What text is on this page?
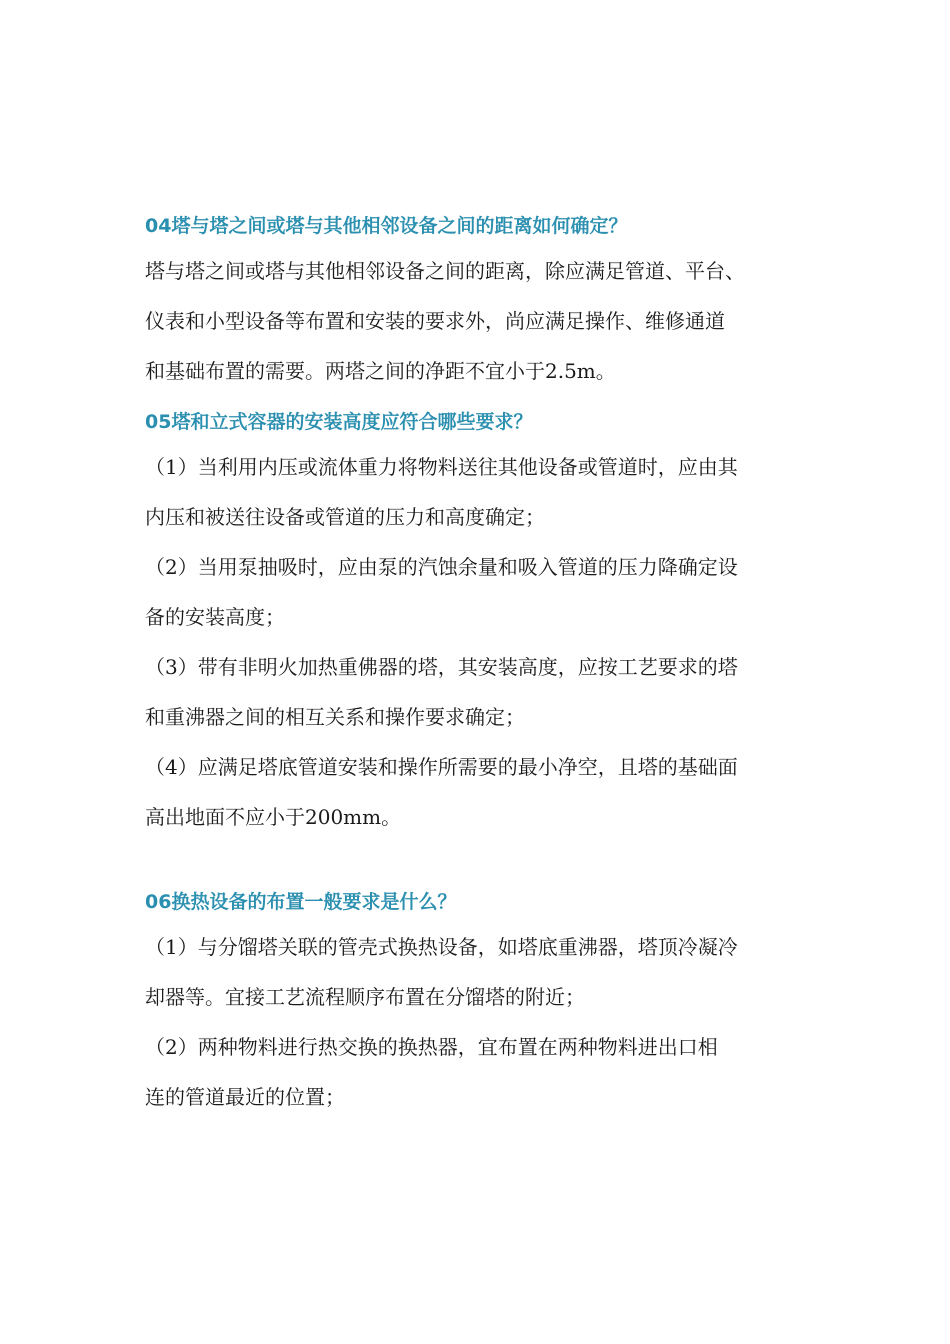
04塔与塔之间或塔与其他相邻设备之间的距离如何确定？
塔与塔之间或塔与其他相邻设备之间的距离，除应满足管道、平台、
仪表和小型设备等布置和安装的要求外，尚应满足操作、维修通道
和基础布置的需要。两塔之间的净距不宜小于2.5m。
05塔和立式容器的安装高度应符合哪些要求？
（1）当利用内压或流体重力将物料送往其他设备或管道时，应由其
内压和被送往设备或管道的压力和高度确定；
（2）当用泵抽吸时，应由泵的汽蚀余量和吸入管道的压力降确定设
备的安装高度；
（3）带有非明火加热重佛器的塔，其安装高度，应按工艺要求的塔
和重沸器之间的相互关系和操作要求确定；
（4）应满足塔底管道安装和操作所需要的最小净空，且塔的基础面
高出地面不应小于200mm。
06换热设备的布置一般要求是什么？
（1）与分馏塔关联的管壳式换热设备，如塔底重沸器，塔顶冷凝冷
却器等。宜接工艺流程顺序布置在分馏塔的附近；
（2）两种物料进行热交换的换热器，宜布置在两种物料进出口相
连的管道最近的位置；
